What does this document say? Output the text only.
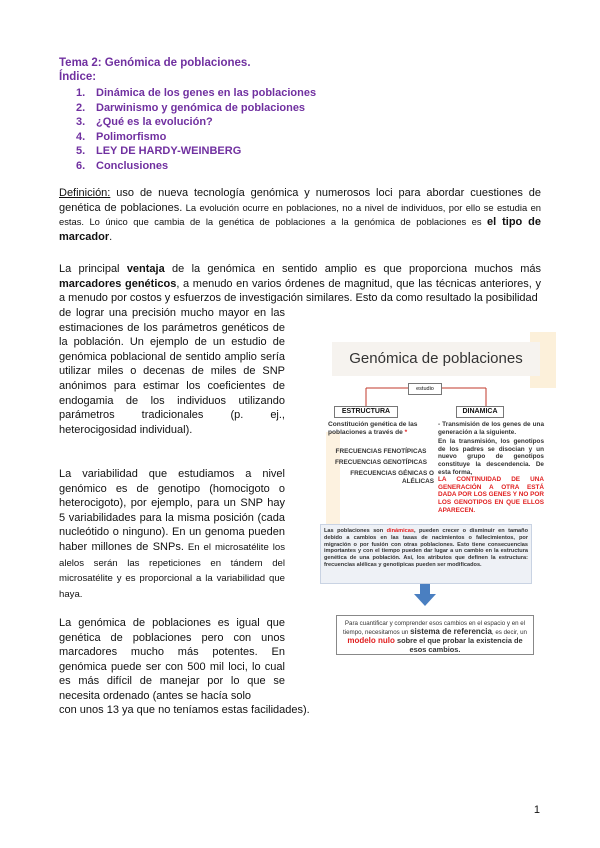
Tema 2: Genómica de poblaciones.
Índice:
1. Dinámica de los genes en las poblaciones
2. Darwinismo y genómica de poblaciones
3. ¿Qué es la evolución?
4. Polimorfismo
5. LEY DE HARDY-WEINBERG
6. Conclusiones
Definición: uso de nueva tecnología genómica y numerosos loci para abordar cuestiones de genética de poblaciones. La evolución ocurre en poblaciones, no a nivel de individuos, por ello se estudia en estas. Lo único que cambia de la genética de poblaciones a la genómica de poblaciones es el tipo de marcador.
La principal ventaja de la genómica en sentido amplio es que proporciona muchos más marcadores genéticos, a menudo en varios órdenes de magnitud, que las técnicas anteriores, y a menudo por costos y esfuerzos de investigación similares. Esto da como resultado la posibilidad
de lograr una precisión mucho mayor en las estimaciones de los parámetros genéticos de la población. Un ejemplo de un estudio de genómica poblacional de sentido amplio sería utilizar miles o decenas de miles de SNP anónimos para estimar los coeficientes de endogamia de los individuos utilizando parámetros tradicionales (p. ej., heterocigosidad individual).
La variabilidad que estudiamos a nivel genómico es de genotipo (homocigoto o heterocigoto), por ejemplo, para un SNP hay 5 variabilidades para la misma posición (cada nucleótido o ninguno). En un genoma pueden haber millones de SNPs. En el microsatélite los alelos serán las repeticiones en tándem del microsatélite y es proporcional a la variabilidad que haya.
La genómica de poblaciones es igual que genética de poblaciones pero con unos marcadores mucho más potentes. En genómica puede ser con 500 mil loci, lo cual es más difícil de manejar por lo que se necesita ordenado (antes se hacía solo
con unos 13 ya que no teníamos estas facilidades).
Genómica de poblaciones
estudio
ESTRUCTURA	DINAMICA
Constitución genética de las poblaciones a través de *
FRECUENCIAS FENOTÍPICAS
FRECUENCIAS GENOTÍPICAS
FRECUENCIAS GÉNICAS O ALÉLICAS
- Transmisión de los genes de una generación a la siguiente.
En la transmisión, los genotipos de los padres se disocian y un nuevo grupo de genotipos constituye la descendencia. De esta forma,
LA CONTINUIDAD DE UNA GENERACIÓN A OTRA ESTÁ DADA POR LOS GENES Y NO POR LOS GENOTIPOS EN QUE ELLOS APARECEN.
Las poblaciones son dinámicas, pueden crecer o disminuir en tamaño debido a cambios en las tasas de nacimientos o fallecimientos, por migración o por fusión con otras poblaciones. Esto tiene consecuencias importantes y con el tiempo pueden dar lugar a un cambio en la estructura genética de una población. Así, los atributos que definen la estructura: frecuencias alélicas y genotipicas pueden ser modificados.
Para cuantificar y comprender esos cambios en el espacio y en el tiempo, necesitamos un sistema de referencia, es decir, un modelo nulo sobre el que probar la existencia de esos cambios.
1
